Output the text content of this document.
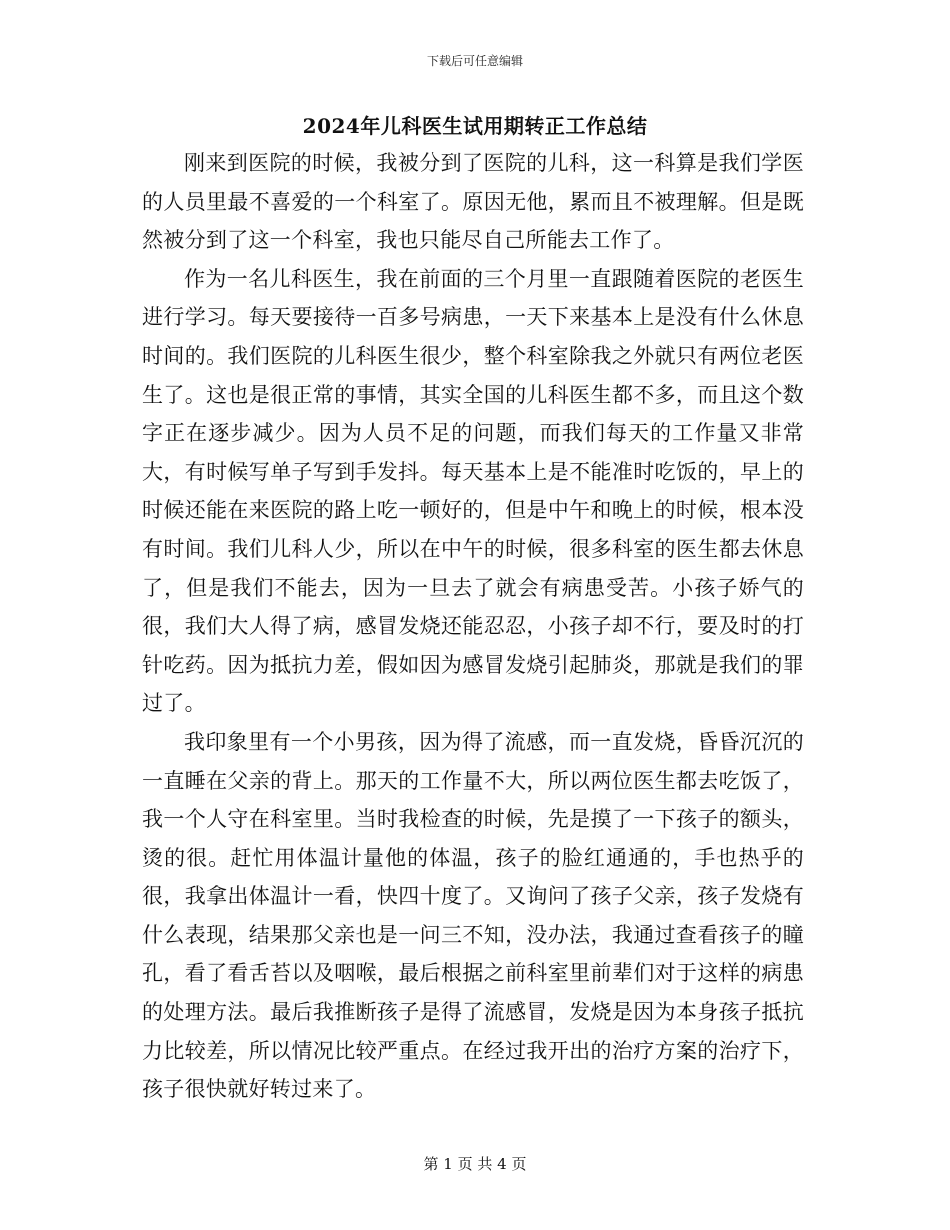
下载后可任意编辑
2024年儿科医生试用期转正工作总结

刚来到医院的时候，我被分到了医院的儿科，这一科算是我们学医的人员里最不喜爱的一个科室了。原因无他，累而且不被理解。但是既然被分到了这一个科室，我也只能尽自己所能去工作了。

作为一名儿科医生，我在前面的三个月里一直跟随着医院的老医生进行学习。每天要接待一百多号病患，一天下来基本上是没有什么休息时间的。我们医院的儿科医生很少，整个科室除我之外就只有两位老医生了。这也是很正常的事情，其实全国的儿科医生都不多，而且这个数字正在逐步减少。因为人员不足的问题，而我们每天的工作量又非常大，有时候写单子写到手发抖。每天基本上是不能准时吃饭的，早上的时候还能在来医院的路上吃一顿好的，但是中午和晚上的时候，根本没有时间。我们儿科人少，所以在中午的时候，很多科室的医生都去休息了，但是我们不能去，因为一旦去了就会有病患受苦。小孩子娇气的很，我们大人得了病，感冒发烧还能忍忍，小孩子却不行，要及时的打针吃药。因为抵抗力差，假如因为感冒发烧引起肺炎，那就是我们的罪过了。

我印象里有一个小男孩，因为得了流感，而一直发烧，昏昏沉沉的一直睡在父亲的背上。那天的工作量不大，所以两位医生都去吃饭了，我一个人守在科室里。当时我检查的时候，先是摸了一下孩子的额头，烫的很。赶忙用体温计量他的体温，孩子的脸红通通的，手也热乎的很，我拿出体温计一看，快四十度了。又询问了孩子父亲，孩子发烧有什么表现，结果那父亲也是一问三不知，没办法，我通过查看孩子的瞳孔，看了看舌苔以及咽喉，最后根据之前科室里前辈们对于这样的病患的处理方法。最后我推断孩子是得了流感冒，发烧是因为本身孩子抵抗力比较差，所以情况比较严重点。在经过我开出的治疗方案的治疗下，孩子很快就好转过来了。

第 1 页 共 4 页
